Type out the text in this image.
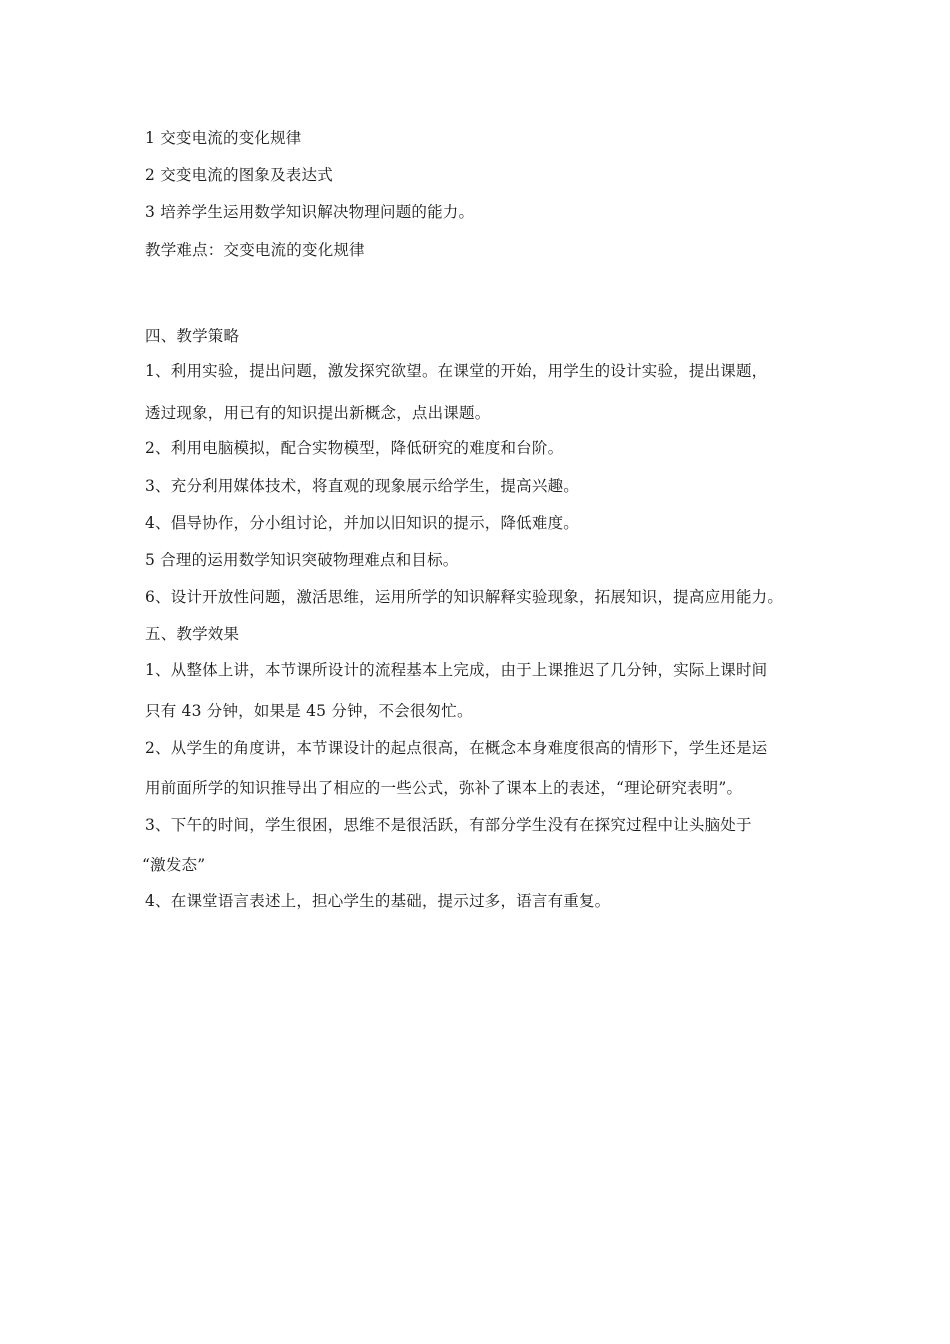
1 交变电流的变化规律
2 交变电流的图象及表达式
3 培养学生运用数学知识解决物理问题的能力。
教学难点：交变电流的变化规律
四、教学策略
1、利用实验，提出问题，激发探究欲望。在课堂的开始，用学生的设计实验，提出课题，
透过现象，用已有的知识提出新概念，点出课题。
2、利用电脑模拟，配合实物模型，降低研究的难度和台阶。
3、充分利用媒体技术，将直观的现象展示给学生，提高兴趣。
4、倡导协作，分小组讨论，并加以旧知识的提示，降低难度。
5 合理的运用数学知识突破物理难点和目标。
6、设计开放性问题，激活思维，运用所学的知识解释实验现象，拓展知识，提高应用能力。
五、教学效果
1、从整体上讲，本节课所设计的流程基本上完成，由于上课推迟了几分钟，实际上课时间
只有 43 分钟，如果是 45 分钟，不会很匆忙。
2、从学生的角度讲，本节课设计的起点很高，在概念本身难度很高的情形下，学生还是运
用前面所学的知识推导出了相应的一些公式，弥补了课本上的表述，“理论研究表明”。
3、下午的时间，学生很困，思维不是很活跃，有部分学生没有在探究过程中让头脑处于
“激发态”
4、在课堂语言表述上，担心学生的基础，提示过多，语言有重复。
